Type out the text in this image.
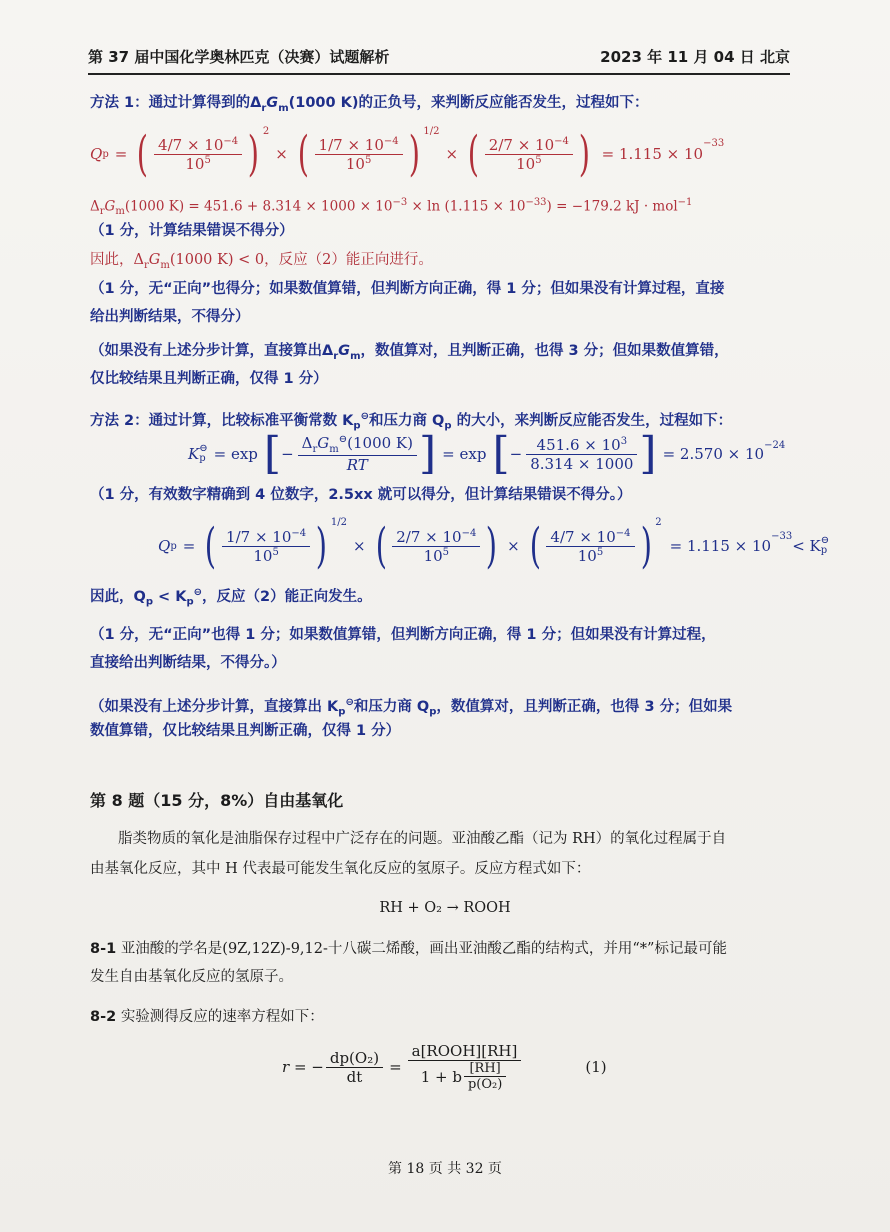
第 37 届中国化学奥林匹克（决赛）试题解析	2023 年 11 月 04 日 北京
方法 1：通过计算得到的$\Delta_rG_m(1000$ K)的正负号，来判断反应能否发生，过程如下：
Q p = ( $\frac{4/7 \times 10^{-4}}{10^5}$ ) $^2$
× ( $\frac{1/7 \times 10^{-4}}{10^5}$ ) $^{1/2}$
× ( $\frac{2/7 \times 10^{-4}}{10^5}$ ) = 1.115 × 10
$^{-33}$
$\Delta_rG_m(1000$ $K) = 451.6 + 8.314 \times 1000 \times 10^{-3} \times \ln (1.115 \times 10^{-33}) = -179.2$ kJ · mol$^{-1}$
（1 分，计算结果错误不得分）
因此，$\Delta_rG_m(1000$ K) < 0，反应（2）能正向进行。
（1 分，无“正向”也得分；如果数值算错，但判断方向正确，得 1 分；但如果没有计算过程，直接
给出判断结果，不得分）
（如果没有上述分步计算，直接算出$\Delta_rG_m$，数值算对，且判断正确，也得 3 分；但如果数值算错，
仅比较结果且判断正确，仅得 1 分）
方法 2：通过计算，比较标准平衡常数 $K_p^⊖$和压力商 $Q_p$ 的大小，来判断反应能否发生，过程如下：
K ⊖
p = exp [ − $\frac{\Delta_rG_m^⊖(1000 K)}{RT}$ ] = exp [ − $\frac{451.6 \times 10^3}{8.314 \times 1000}$ ] = $2.570 \times 10^{-24}$
（1 分，有效数字精确到 4 位数字，2.5xx 就可以得分，但计算结果错误不得分。）
Q p = ( $\frac{1/7 \times 10^{-4}}{10^5}$ ) $^{1/2}$
× ( $\frac{2/7 \times 10^{-4}}{10^5}$ ) × ( $\frac{4/7 \times 10^{-4}}{10^5}$ ) $^2$
= 1.115 × 10
$^{-33}$
< K ⊖
p
因此，$Q_p < K_p^⊖$，反应（2）能正向发生。
（1 分，无“正向”也得 1 分；如果数值算错，但判断方向正确，得 1 分；但如果没有计算过程，
直接给出判断结果，不得分。）
（如果没有上述分步计算，直接算出 $K_p^⊖$和压力商 $Q_p$，数值算对，且判断正确，也得 3 分；但如果
数值算错，仅比较结果且判断正确，仅得 1 分）
第 8 题（15 分，8%）自由基氧化
脂类物质的氧化是油脂保存过程中广泛存在的问题。亚油酸乙酯（记为 RH）的氧化过程属于自
由基氧化反应，其中 H 代表最可能发生氧化反应的氢原子。反应方程式如下：
RH + O₂ → ROOH
8-1 亚油酸的学名是(9Z,12Z)-9,12-十八碳二烯酸，画出亚油酸乙酯的结构式，并用“*”标记最可能
发生自由基氧化反应的氢原子。
8-2 实验测得反应的速率方程如下：
r = − $\frac{\text{dp(O₂)}}{dt} = \frac{\text{a[ROOH][RH]}}{1 + b \frac{[RH]}{\text{p(O₂)}}}$	(1)
第 18 页 共 32 页
